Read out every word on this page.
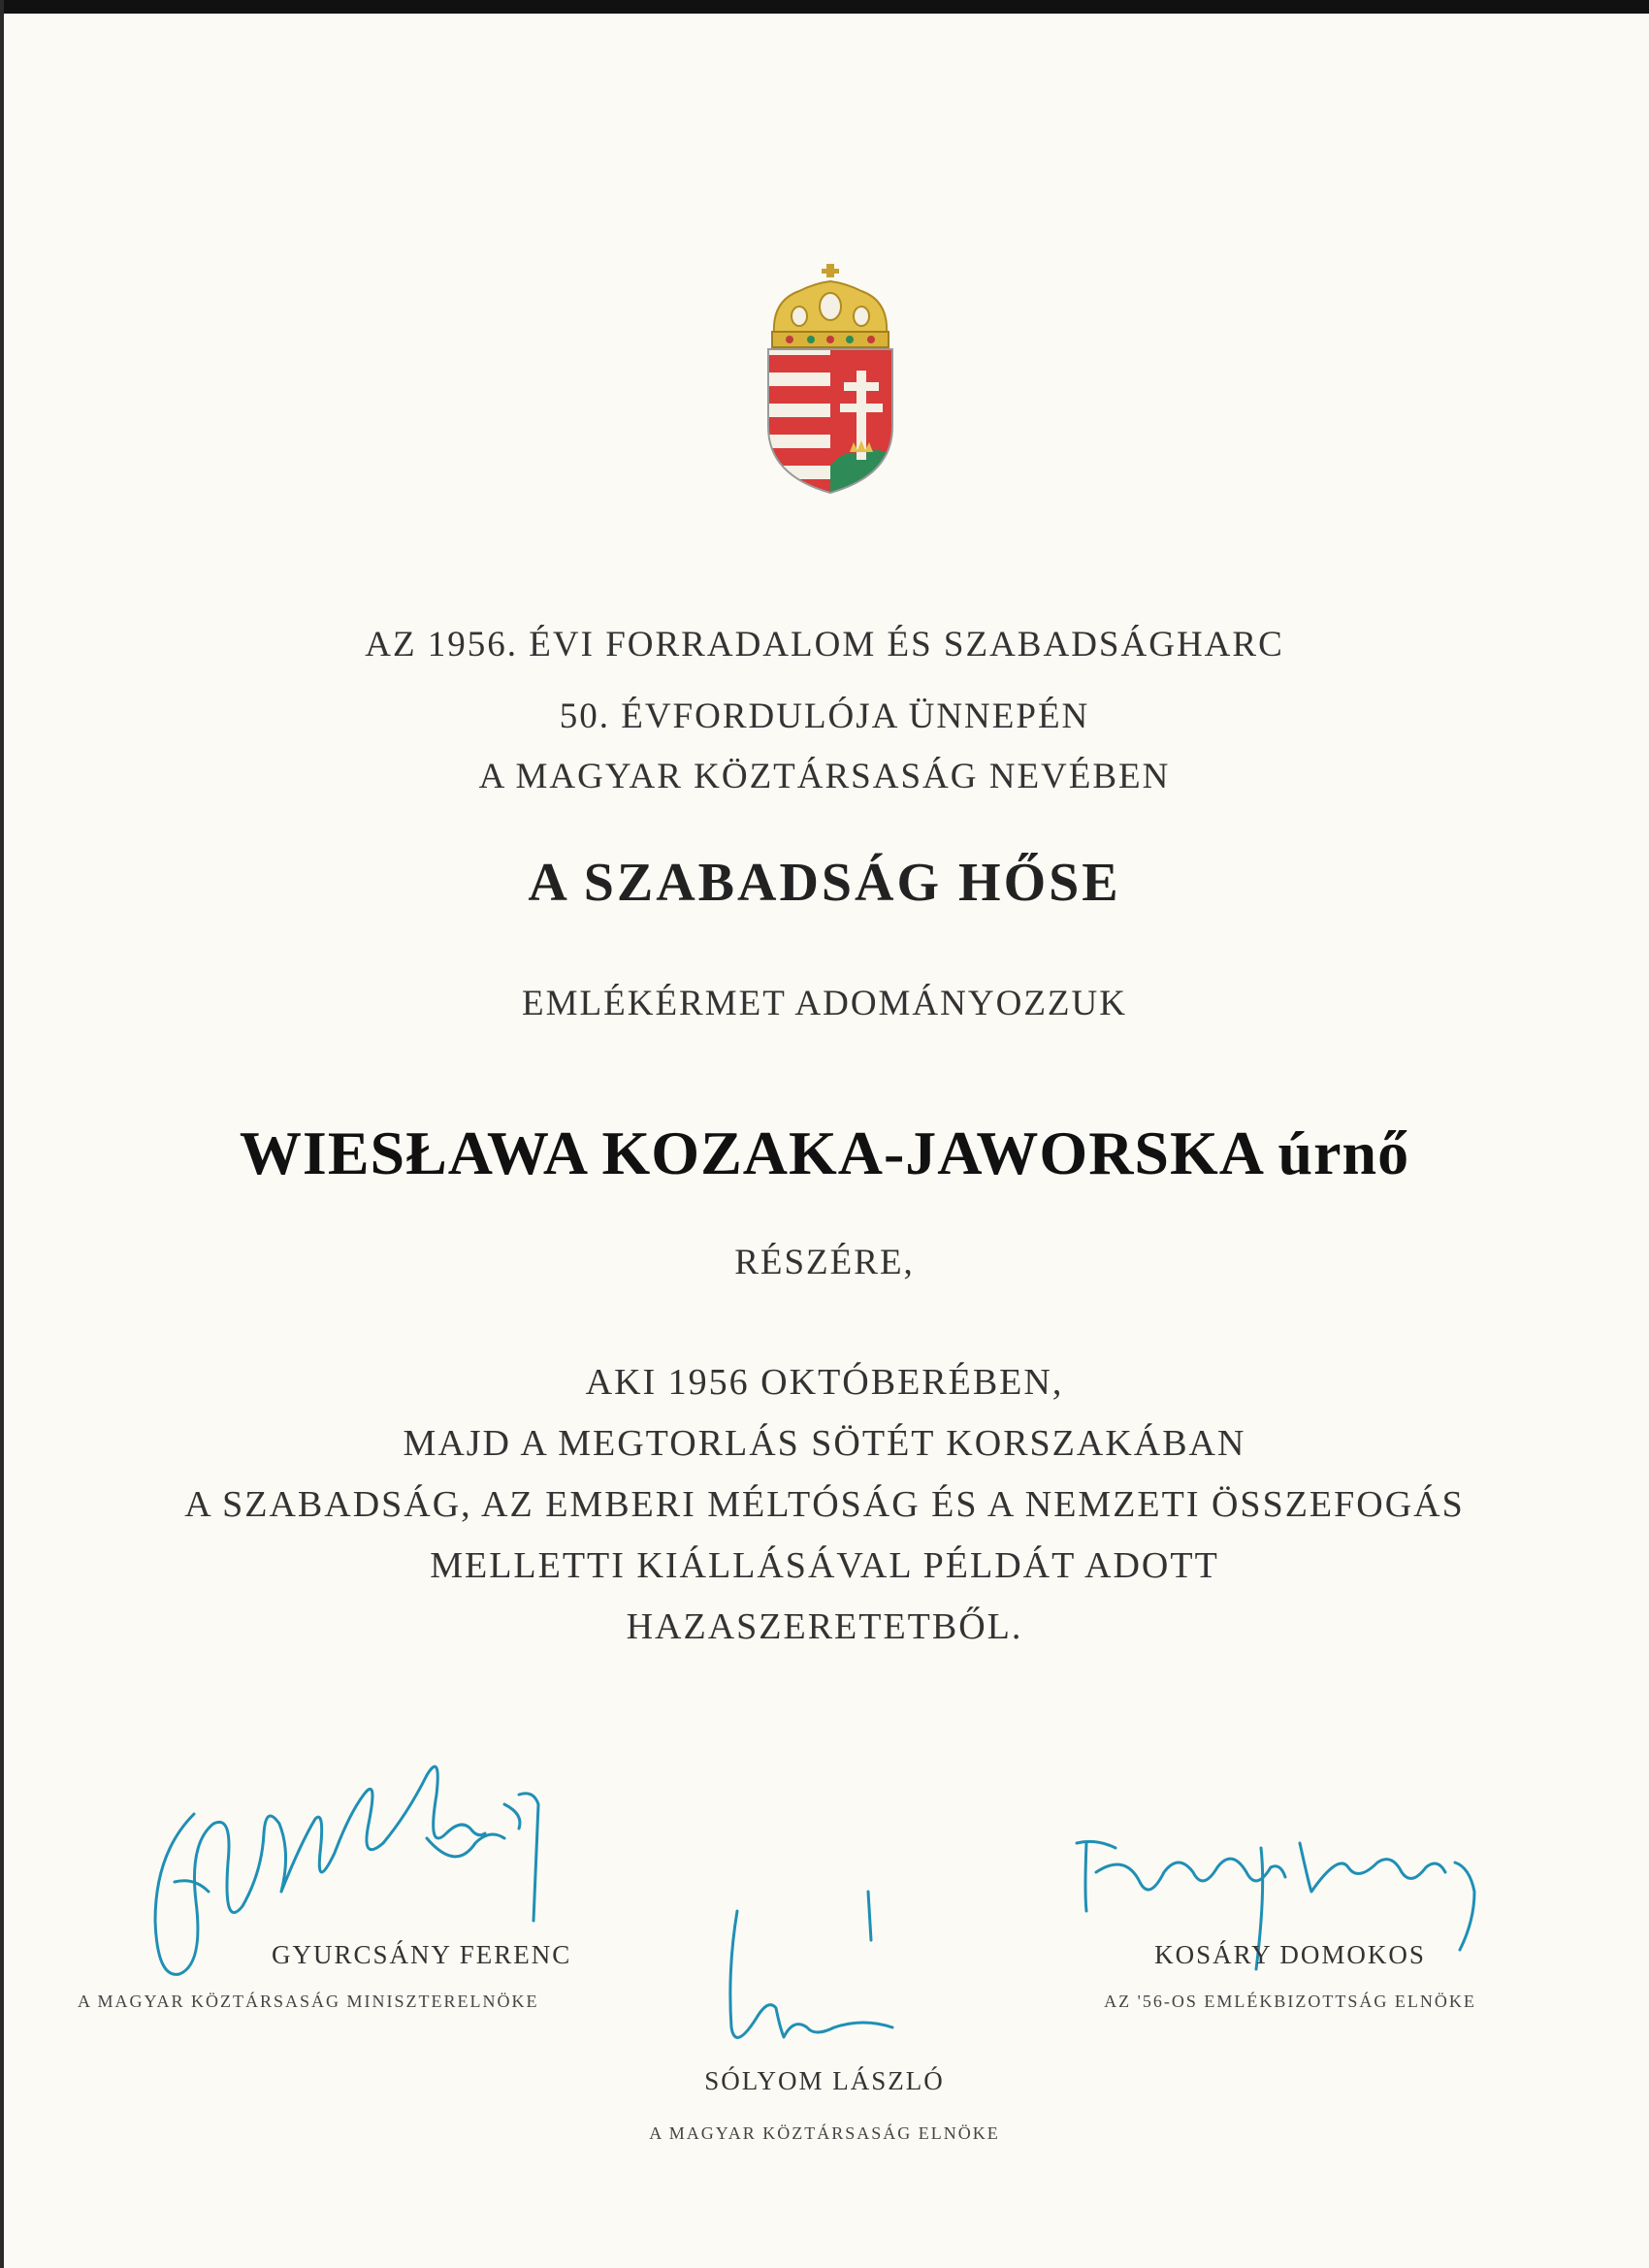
AZ 1956. ÉVI FORRADALOM ÉS SZABADSÁGHARC
50. ÉVFORDULÓJA ÜNNEPÉN
A MAGYAR KÖZTÁRSASÁG NEVÉBEN
A SZABADSÁG HŐSE
EMLÉKÉRMET ADOMÁNYOZZUK
WIESŁAWA KOZAKA-JAWORSKA úrnő
RÉSZÉRE,
AKI 1956 OKTÓBERÉBEN,
MAJD A MEGTORLÁS SÖTÉT KORSZAKÁBAN
A SZABADSÁG, AZ EMBERI MÉLTÓSÁG ÉS A NEMZETI ÖSSZEFOGÁS
MELLETTI KIÁLLÁSÁVAL PÉLDÁT ADOTT
HAZASZERETETBŐL.
GYURCSÁNY FERENC
A MAGYAR KÖZTÁRSASÁG MINISZTERELNÖKE
SÓLYOM LÁSZLÓ
A MAGYAR KÖZTÁRSASÁG ELNÖKE
KOSÁRY DOMOKOS
AZ '56-OS EMLÉKBIZOTTSÁG ELNÖKE
